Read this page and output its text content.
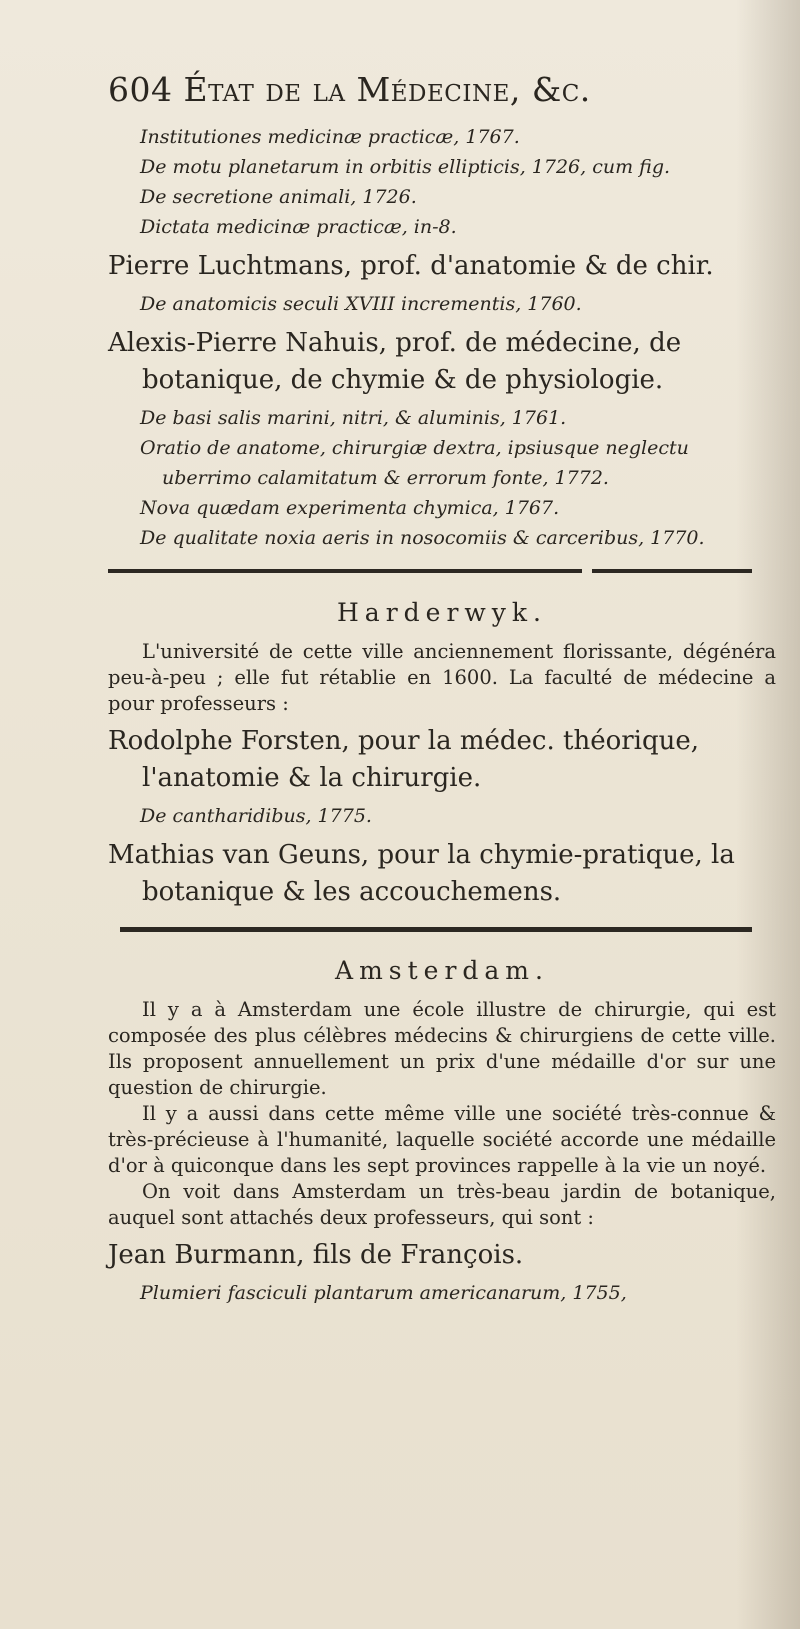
604 État de la Médecine, &c.

Institutiones medicinæ practicæ, 1767.

De motu planetarum in orbitis ellipticis, 1726, cum fig.

De secretione animali, 1726.

Dictata medicinæ practicæ, in-8.

Pierre Luchtmans, prof. d'anatomie & de chir.

De anatomicis seculi XVIII incrementis, 1760.

Alexis-Pierre Nahuis, prof. de médecine, de botanique, de chymie & de physiologie.

De basi salis marini, nitri, & aluminis, 1761.

Oratio de anatome, chirurgiæ dextra, ipsiusque neglectu uberrimo calamitatum & errorum fonte, 1772.

Nova quædam experimenta chymica, 1767.

De qualitate noxia aeris in nosocomiis & carceribus, 1770.

Harderwyk.

L'université de cette ville anciennement florissante, dégénéra peu-à-peu ; elle fut rétablie en 1600. La faculté de médecine a pour professeurs :

Rodolphe Forsten, pour la médec. théorique, l'anatomie & la chirurgie.

De cantharidibus, 1775.

Mathias van Geuns, pour la chymie-pratique, la botanique & les accouchemens.

Amsterdam.

Il y a à Amsterdam une école illustre de chirurgie, qui est composée des plus célèbres médecins & chirurgiens de cette ville. Ils proposent annuellement un prix d'une médaille d'or sur une question de chirurgie.

Il y a aussi dans cette même ville une société très-connue & très-précieuse à l'humanité, laquelle société accorde une médaille d'or à quiconque dans les sept provinces rappelle à la vie un noyé.

On voit dans Amsterdam un très-beau jardin de botanique, auquel sont attachés deux professeurs, qui sont :

Jean Burmann, fils de François.

Plumieri fasciculi plantarum americanarum, 1755,
